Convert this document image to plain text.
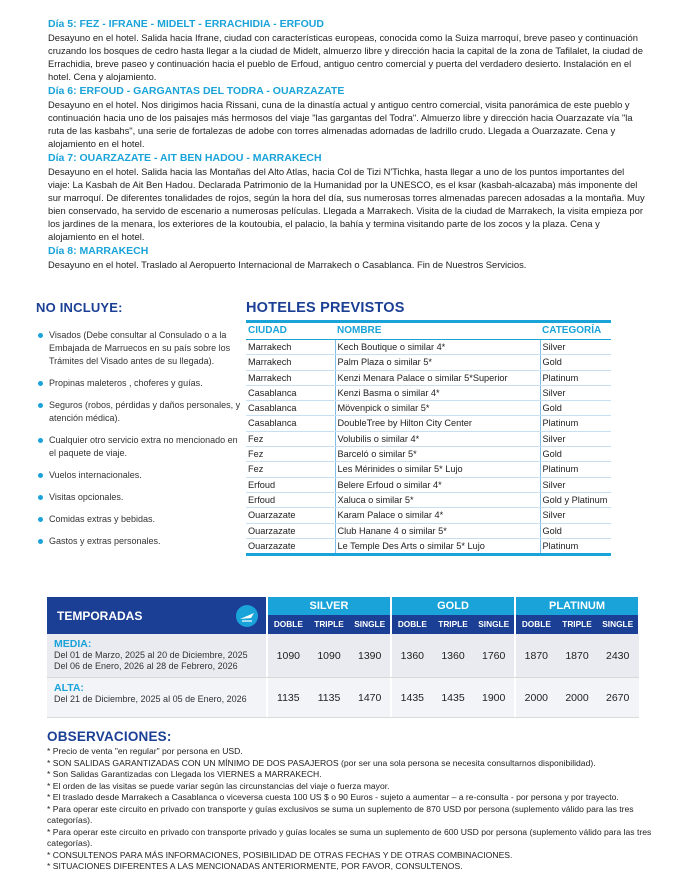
Día 5: FEZ - IFRANE - MIDELT - ERRACHIDIA - ERFOUD
Desayuno en el hotel. Salida hacia Ifrane, ciudad con características europeas, conocida como la Suiza marroquí, breve paseo y continuación cruzando los bosques de cedro hasta llegar a la ciudad de Midelt, almuerzo libre y dirección hacia la capital de la zona de Tafilalet, la ciudad de Errachidia, breve paseo y continuación hacia el pueblo de Erfoud, antiguo centro comercial y puerta del verdadero desierto. Instalación en el hotel. Cena y alojamiento.
Día 6: ERFOUD - GARGANTAS DEL TODRA - OUARZAZATE
Desayuno en el hotel. Nos dirigimos hacia Rissani, cuna de la dinastía actual y antiguo centro comercial, visita panorámica de este pueblo y continuación hacia uno de los paisajes más hermosos del viaje "las gargantas del Todra". Almuerzo libre y dirección hacia Ouarzazate vía "la ruta de las kasbahs", una serie de fortalezas de adobe con torres almenadas adornadas de ladrillo crudo. Llegada a Ouarzazate. Cena y alojamiento en el hotel.
Día 7: OUARZAZATE - AIT BEN HADOU - MARRAKECH
Desayuno en el hotel. Salida hacia las Montañas del Alto Atlas, hacia Col de Tizi N'Tichka, hasta llegar a uno de los puntos importantes del viaje: La Kasbah de Ait Ben Hadou. Declarada Patrimonio de la Humanidad por la UNESCO, es el ksar (kasbah-alcazaba) más imponente del sur marroquí. De diferentes tonalidades de rojos, según la hora del día, sus numerosas torres almenadas parecen adosadas a la montaña. Muy bien conservado, ha servido de escenario a numerosas películas. Llegada a Marrakech. Visita de la ciudad de Marrakech, la visita empieza por los jardines de la menara, los exteriores de la koutoubia, el palacio, la bahía y termina visitando parte de los zocos y la plaza. Cena y alojamiento en el hotel.
Día 8: MARRAKECH
Desayuno en el hotel. Traslado al Aeropuerto Internacional de Marrakech o Casablanca. Fin de Nuestros Servicios.
NO INCLUYE:
Visados (Debe consultar al Consulado o a la Embajada de Marruecos en su país sobre los Trámites del Visado antes de su llegada).
Propinas maleteros , choferes y guías.
Seguros (robos, pérdidas y daños personales, y atención médica).
Cualquier otro servicio extra no mencionado en el paquete de viaje.
Vuelos internacionales.
Visitas opcionales.
Comidas extras y bebidas.
Gastos y extras personales.
HOTELES PREVISTOS
CIUDAD	NOMBRE	CATEGORÍA
Marrakech	Kech Boutique o similar 4*	Silver
Marrakech	Palm Plaza o similar 5*	Gold
Marrakech	Kenzi Menara Palace o similar 5*Superior	Platinum
Casablanca	Kenzi Basma o similar 4*	Silver
Casablanca	Mövenpick o similar 5*	Gold
Casablanca	DoubleTree by Hilton City Center	Platinum
Fez	Volubilis o similar 4*	Silver
Fez	Barceló o similar 5*	Gold
Fez	Les Mérinides o similar 5* Lujo	Platinum
Erfoud	Belere Erfoud o similar 4*	Silver
Erfoud	Xaluca o similar 5*	Gold y Platinum
Ouarzazate	Karam Palace o similar 4*	Silver
Ouarzazate	Club Hanane 4 o similar 5*	Gold
Ouarzazate	Le Temple Des Arts o similar 5* Lujo	Platinum
TEMPORADAS
SILVER
DOBLE	TRIPLE	SINGLE
GOLD
DOBLE	TRIPLE	SINGLE
PLATINUM
DOBLE	TRIPLE	SINGLE
MEDIA:
Del 01 de Marzo, 2025 al 20 de Diciembre, 2025
Del 06 de Enero, 2026 al 28 de Febrero, 2026
1090	1090	1390	1360	1360	1760	1870	1870	2430
ALTA:
Del 21 de Diciembre, 2025 al 05 de Enero, 2026	1135	1135	1470	1435	1435	1900	2000	2000	2670
OBSERVACIONES:
* Precio de venta "en regular" por persona en USD.
* SON SALIDAS GARANTIZADAS CON UN MÍNIMO DE DOS PASAJEROS (por ser una sola persona se necesita consultarnos disponibilidad).
* Son Salidas Garantizadas con Llegada los VIERNES a MARRAKECH.
* El orden de las visitas se puede variar según las circunstancias del viaje o fuerza mayor.
* El traslado desde Marrakech a Casablanca o viceversa cuesta 100 US $ o 90 Euros - sujeto a aumentar – a re-consulta - por persona y por trayecto.
* Para operar este circuito en privado con transporte y guías exclusivos se suma un suplemento de 870 USD por persona (suplemento válido para las tres categorías).
* Para operar este circuito en privado con transporte privado y guías locales se suma un suplemento de 600 USD por persona (suplemento válido para las tres categorías).
* CONSULTENOS PARA MÁS INFORMACIONES, POSIBILIDAD DE OTRAS FECHAS Y DE OTRAS COMBINACIONES.
* SITUACIONES DIFERENTES A LAS MENCIONADAS ANTERIORMENTE, POR FAVOR, CONSULTENOS.
